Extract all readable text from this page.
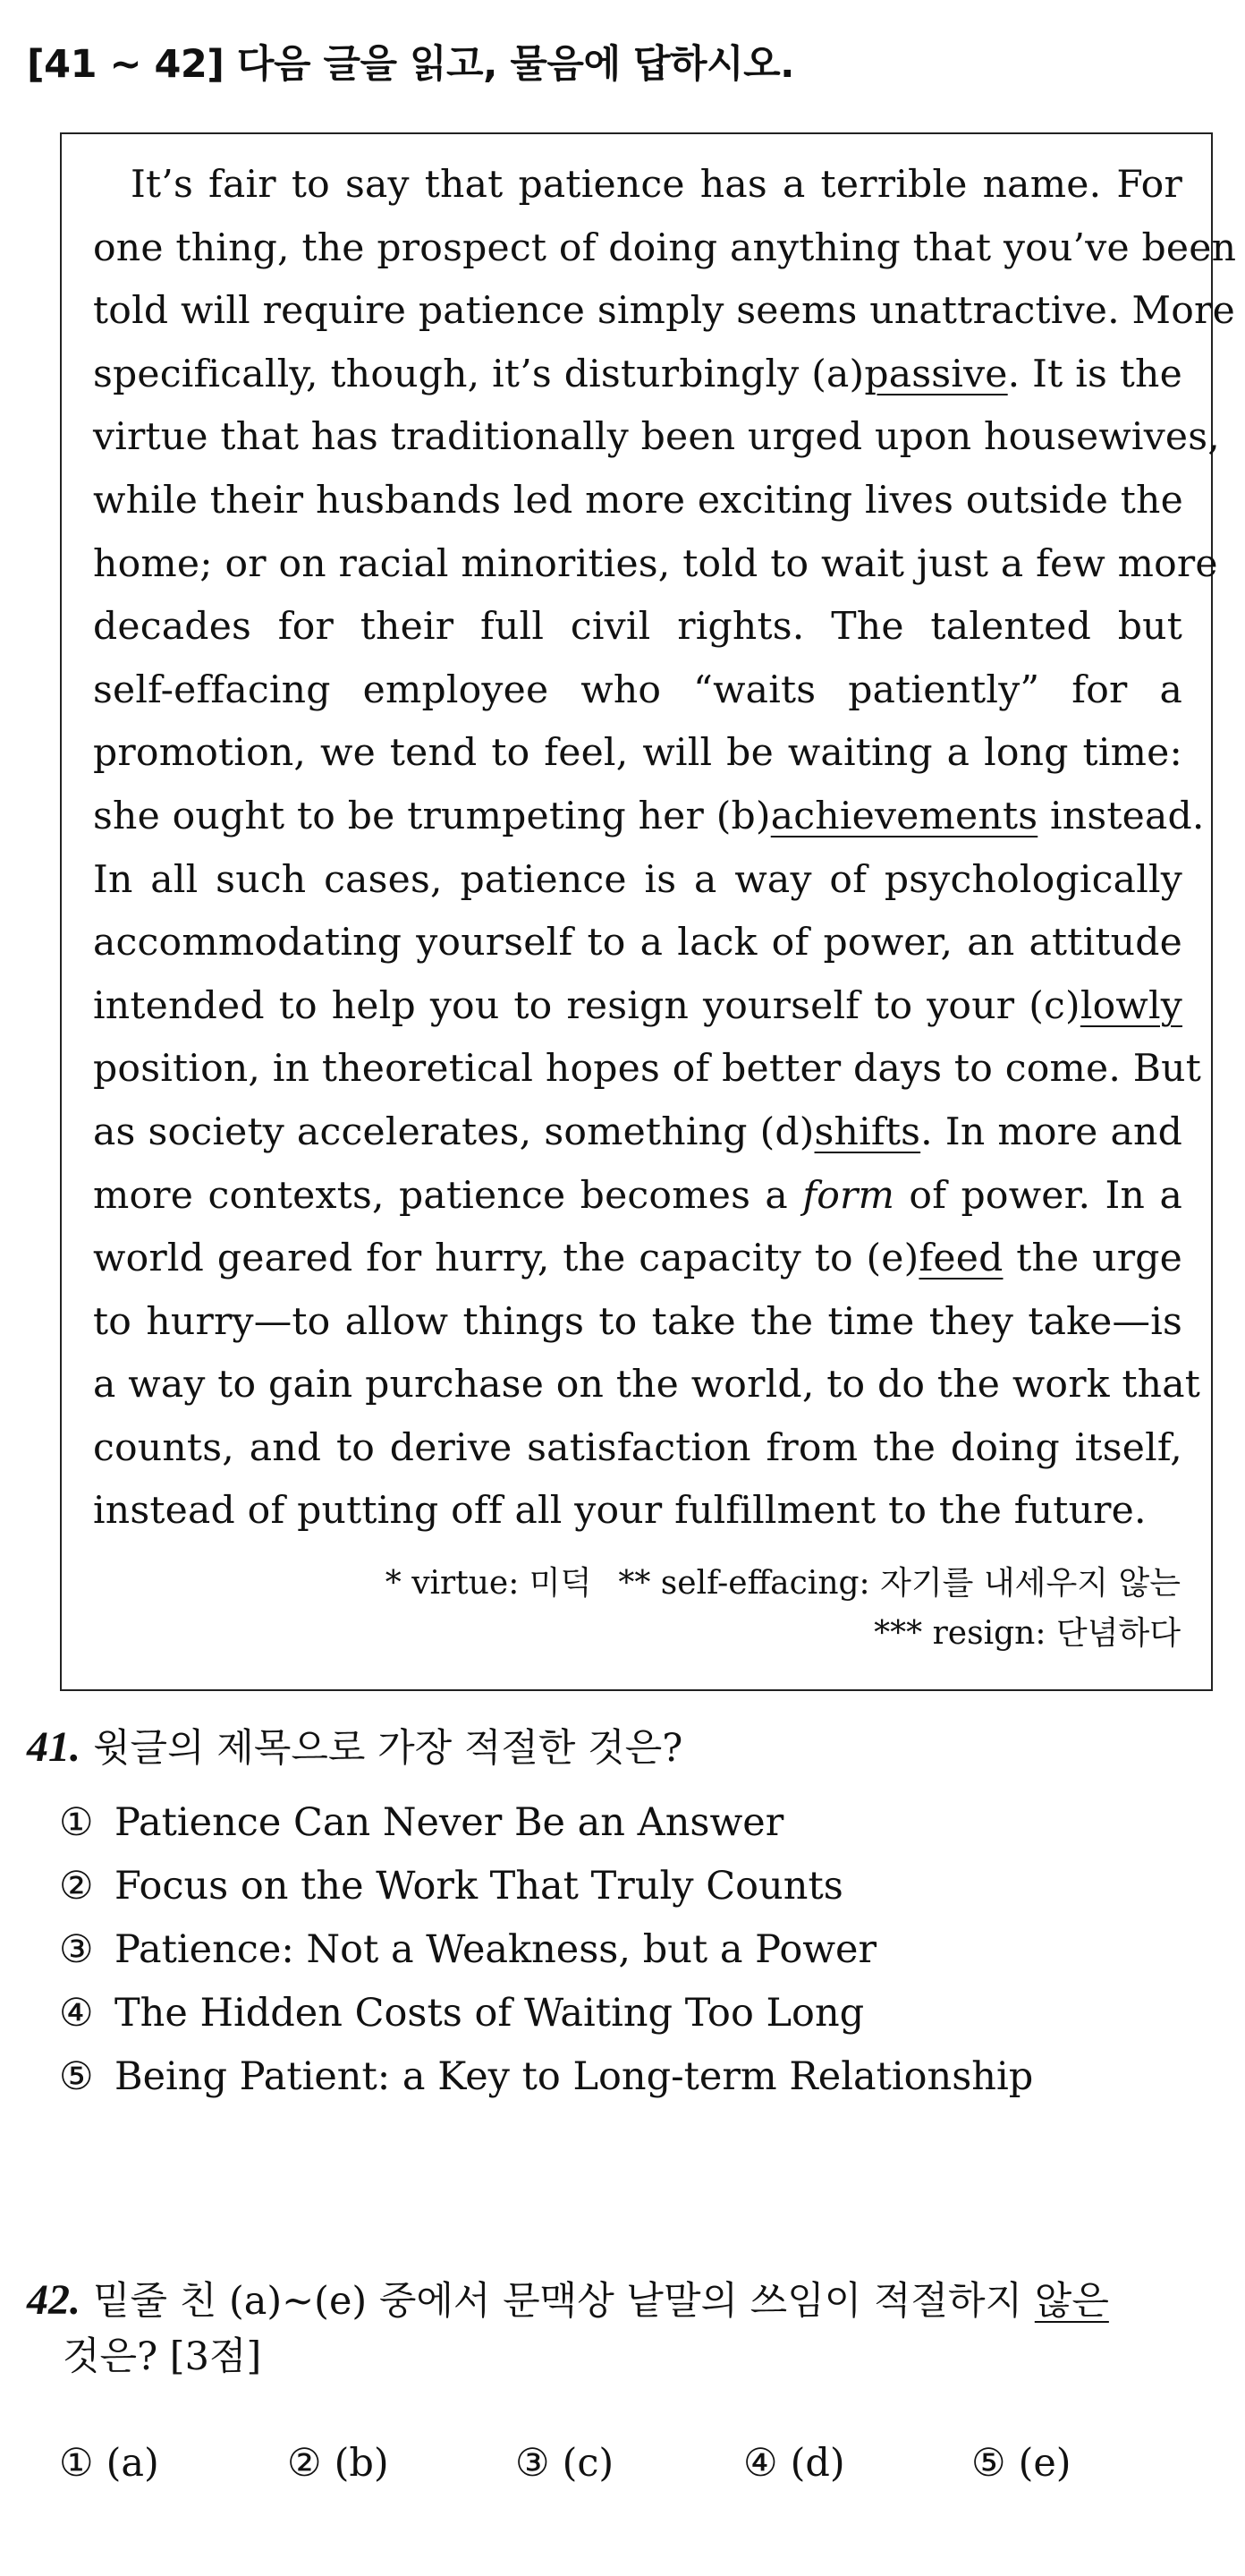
[41 ~ 42] 다음 글을 읽고, 물음에 답하시오.
It’s fair to say that patience has a terrible name. For
one thing, the prospect of doing anything that you’ve been
told will require patience simply seems unattractive. More
specifically, though, it’s disturbingly (a)passive. It is the
virtue that has traditionally been urged upon housewives,
while their husbands led more exciting lives outside the
home; or on racial minorities, told to wait just a few more
decades for their full civil rights. The talented but
self-effacing employee who “waits patiently” for a
promotion, we tend to feel, will be waiting a long time:
she ought to be trumpeting her (b)achievements instead.
In all such cases, patience is a way of psychologically
accommodating yourself to a lack of power, an attitude
intended to help you to resign yourself to your (c)lowly
position, in theoretical hopes of better days to come. But
as society accelerates, something (d)shifts. In more and
more contexts, patience becomes a form of power. In a
world geared for hurry, the capacity to (e)feed the urge
to hurry—to allow things to take the time they take—is
a way to gain purchase on the world, to do the work that
counts, and to derive satisfaction from the doing itself,
instead of putting off all your fulfillment to the future.
* virtue: 미덕 ** self-effacing: 자기를 내세우지 않는
*** resign: 단념하다
41. 윗글의 제목으로 가장 적절한 것은?
① Patience Can Never Be an Answer
② Focus on the Work That Truly Counts
③ Patience: Not a Weakness, but a Power
④ The Hidden Costs of Waiting Too Long
⑤ Being Patient: a Key to Long-term Relationship
42. 밑줄 친 (a)~(e) 중에서 문맥상 낱말의 쓰임이 적절하지 않은
것은? [3점]
① (a)	② (b)	③ (c)	④ (d)	⑤ (e)
